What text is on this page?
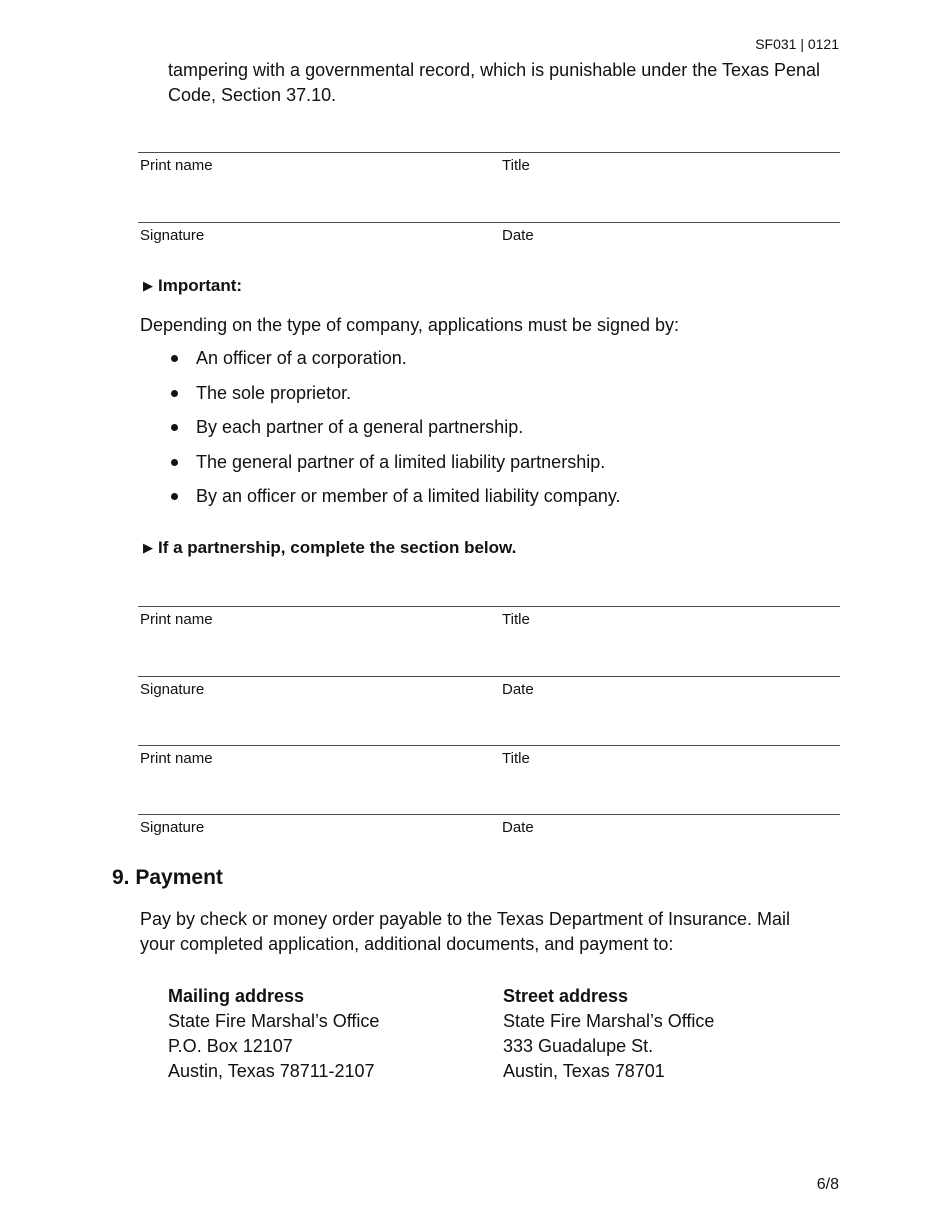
SF031 | 0121
tampering with a governmental record, which is punishable under the Texas Penal Code, Section 37.10.
Print name	Title
Signature	Date
▶ Important:
Depending on the type of company, applications must be signed by:
An officer of a corporation.
The sole proprietor.
By each partner of a general partnership.
The general partner of a limited liability partnership.
By an officer or member of a limited liability company.
▶ If a partnership, complete the section below.
Print name	Title
Signature	Date
Print name	Title
Signature	Date
9. Payment
Pay by check or money order payable to the Texas Department of Insurance. Mail your completed application, additional documents, and payment to:
Mailing address
State Fire Marshal’s Office
P.O. Box 12107
Austin, Texas 78711-2107
Street address
State Fire Marshal’s Office
333 Guadalupe St.
Austin, Texas 78701
6/8
